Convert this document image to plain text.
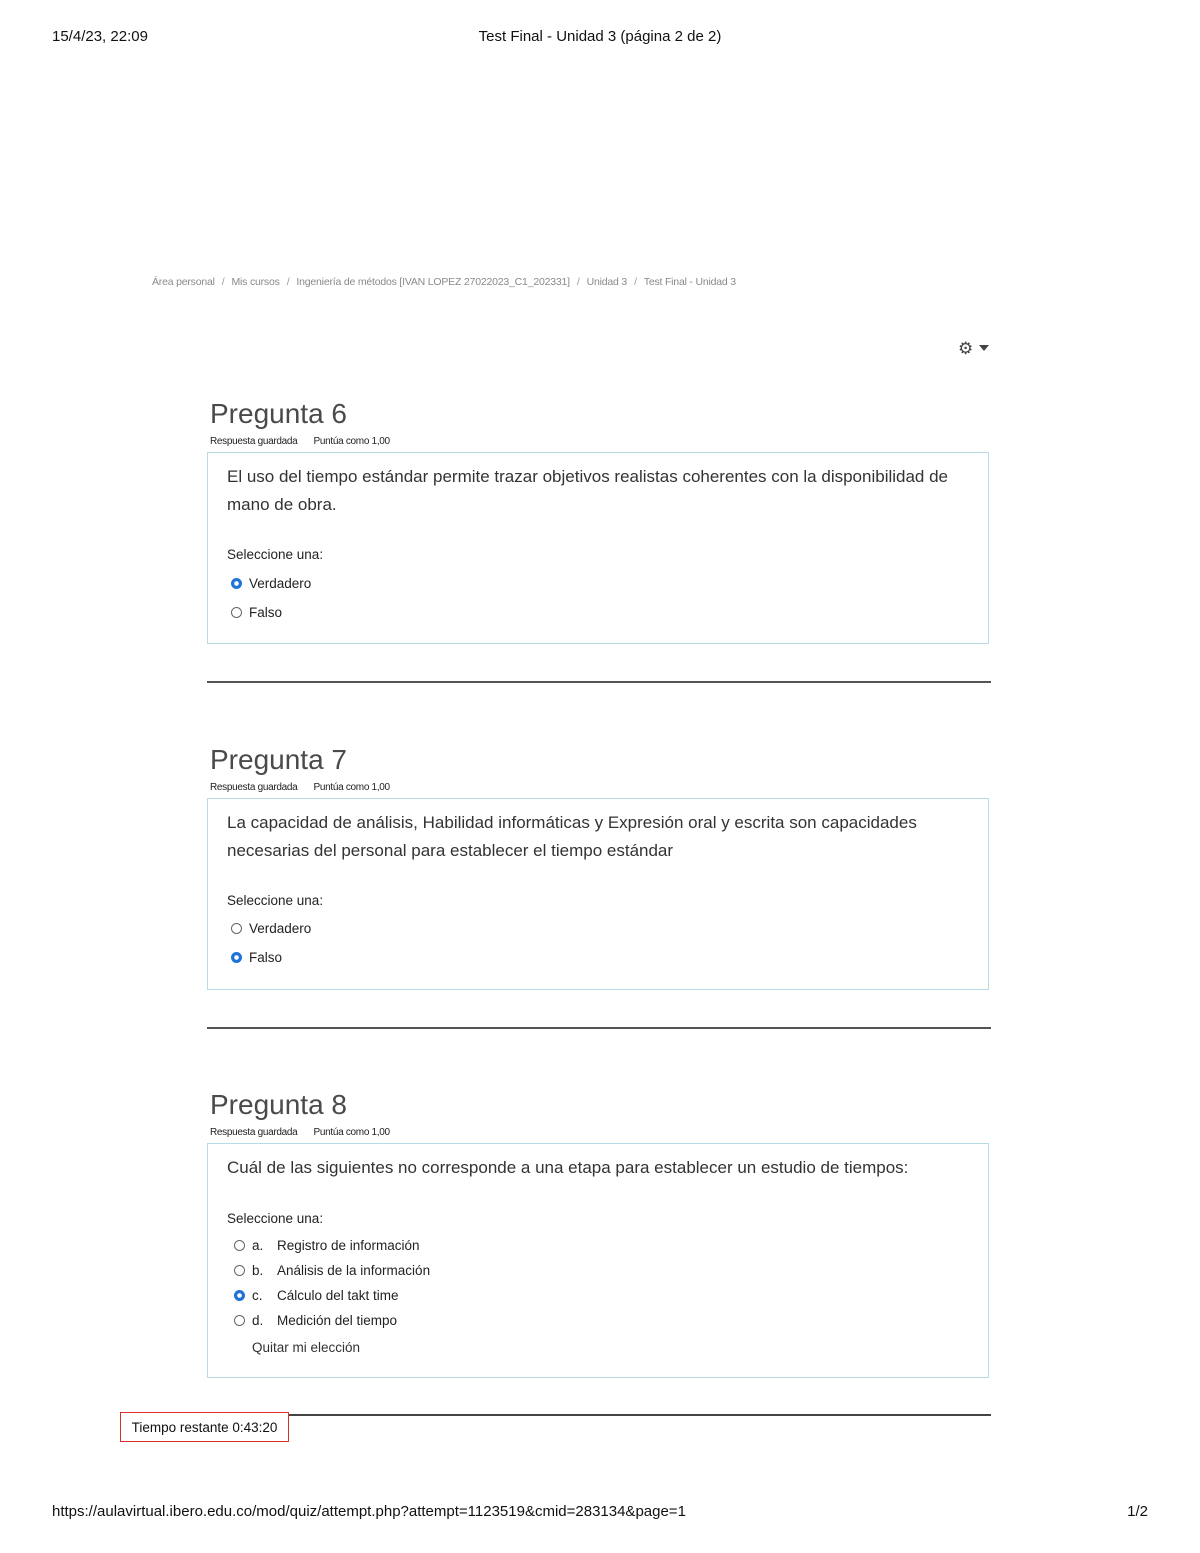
15/4/23, 22:09	Test Final - Unidad 3 (página 2 de 2)
Área personal / Mis cursos / Ingeniería de métodos [IVAN LOPEZ 27022023_C1_202331] / Unidad 3 / Test Final - Unidad 3
⚙
Pregunta 6
Respuesta guardada Puntúa como 1,00
El uso del tiempo estándar permite trazar objetivos realistas coherentes con la disponibilidad de mano de obra.
Seleccione una:
Verdadero
Falso
Pregunta 7
Respuesta guardada Puntúa como 1,00
La capacidad de análisis, Habilidad informáticas y Expresión oral y escrita son capacidades necesarias del personal para establecer el tiempo estándar
Seleccione una:
Verdadero
Falso
Pregunta 8
Respuesta guardada Puntúa como 1,00
Cuál de las siguientes no corresponde a una etapa para establecer un estudio de tiempos:
Seleccione una:
a.	Registro de información
b.	Análisis de la información
c.	Cálculo del takt time
d.	Medición del tiempo
Quitar mi elección
Tiempo restante 0:43:20
https://aulavirtual.ibero.edu.co/mod/quiz/attempt.php?attempt=1123519&cmid=283134&page=1	1/2
